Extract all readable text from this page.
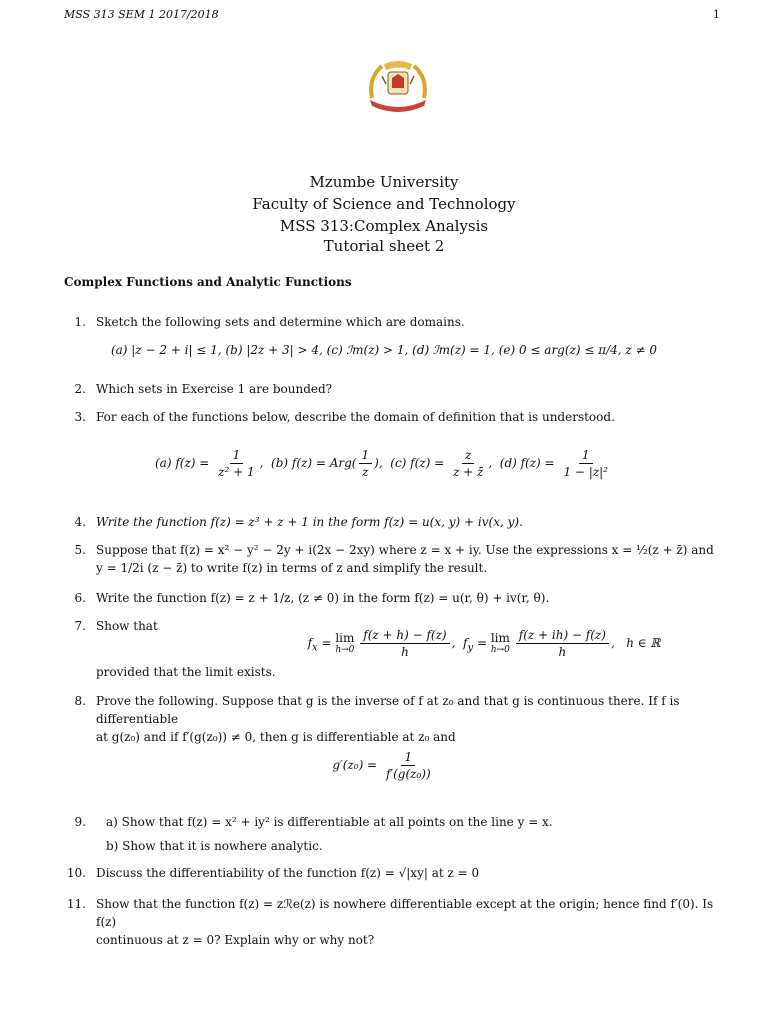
MSS 313 SEM 1 2017/2018	1
Mzumbe University
Faculty of Science and Technology
MSS 313:Complex Analysis
Tutorial sheet 2
Complex Functions and Analytic Functions
1. Sketch the following sets and determine which are domains.
(a) |z − 2 + i| ≤ 1, (b) |2z + 3| > 4, (c) ℐm(z) > 1, (d) ℐm(z) = 1, (e) 0 ≤ arg(z) ≤ π/4, z ≠ 0
2. Which sets in Exercise 1 are bounded?
3. For each of the functions below, describe the domain of definition that is understood.
(a) $f(z) = \frac{1}{\text{z² + 1}}$ ,  (b) $f(z) = Arg( \frac{1}{z}$ ),  (c) $f(z) = \frac{z}{z + z̄}$ ,  (d) $f(z) = \frac{1}{\text{1 − |z|²}}$
4. Write the function f(z) = z³ + z + 1 in the form f(z) = u(x, y) + iv(x, y).
5. Suppose that f(z) = x² − y² − 2y + i(2x − 2xy) where z = x + iy. Use the expressions x = ½(z + z̄) and
y = 1/2i (z − z̄) to write f(z) in terms of z and simplify the result.
6. Write the function f(z) = z + 1/z, (z ≠ 0) in the form f(z) = u(r, θ) + iv(r, θ).
7. Show that
$f_x = \lim$
h→0
$\frac{f(z + h) - f(z)}{h}$ ,  $f_y = \lim$
h→0
$\frac{f(z + ih) - f(z)}{h}$ ,   h ∈ ℝ
provided that the limit exists.
8. Prove the following. Suppose that g is the inverse of f at z₀ and that g is continuous there. If f is differentiable
at g(z₀) and if f′(g(z₀)) ≠ 0, then g is differentiable at z₀ and
$g'(z_0) = \frac{1}{\text{f′(g(z₀))}}$
9. a) Show that f(z) = x² + iy² is differentiable at all points on the line y = x.
b) Show that it is nowhere analytic.
10. Discuss the differentiability of the function f(z) = √|xy| at z = 0
11. Show that the function f(z) = zℛe(z) is nowhere differentiable except at the origin; hence find f′(0). Is f(z)
continuous at z = 0? Explain why or why not?
